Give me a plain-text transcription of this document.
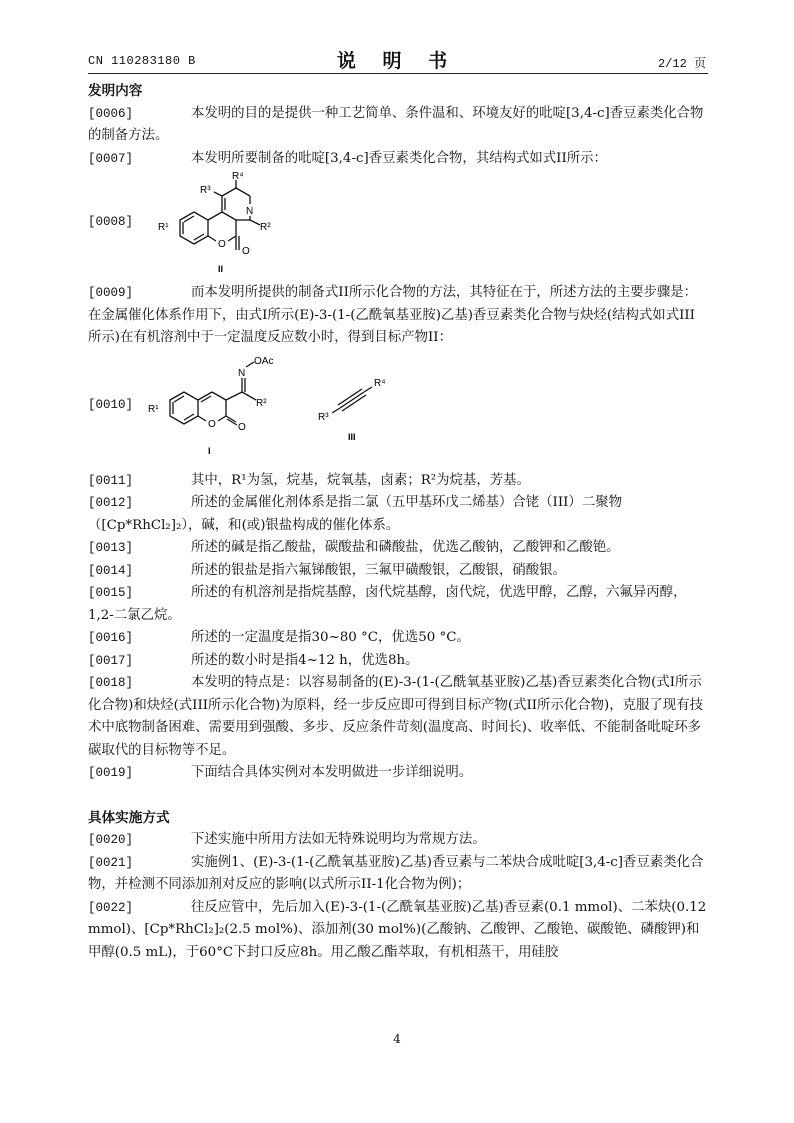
CN 110283180 B	说 明 书	2/12 页
发明内容
[0006]	本发明的目的是提供一种工艺简单、条件温和、环境友好的吡啶[3,4-c]香豆素类化合物的制备方法。
[0007]	本发明所要制备的吡啶[3,4-c]香豆素类化合物，其结构式如式II所示：
[0008]
R⁴
R³
N
R²
R¹
O
O
II
[0009]	而本发明所提供的制备式II所示化合物的方法，其特征在于，所述方法的主要步骤是：在金属催化体系作用下，由式I所示(E)-3-(1-(乙酰氧基亚胺)乙基)香豆素类化合物与炔烃(结构式如式III所示)在有机溶剂中于一定温度反应数小时，得到目标产物II：
[0010]
N
OAc
R²
R¹
O O
I
R³
R⁴
III
[0011]	其中，R¹为氢，烷基，烷氧基，卤素；R²为烷基，芳基。
[0012]	所述的金属催化剂体系是指二氯（五甲基环戊二烯基）合铑（III）二聚物（[Cp*RhCl₂]₂），碱，和(或)银盐构成的催化体系。
[0013]	所述的碱是指乙酸盐，碳酸盐和磷酸盐，优选乙酸钠，乙酸钾和乙酸铯。
[0014]	所述的银盐是指六氟锑酸银，三氟甲磺酸银，乙酸银，硝酸银。
[0015]	所述的有机溶剂是指烷基醇，卤代烷基醇，卤代烷，优选甲醇，乙醇，六氟异丙醇，1,2-二氯乙烷。
[0016]	所述的一定温度是指30~80 °C，优选50 °C。
[0017]	所述的数小时是指4~12 h，优选8h。
[0018]	本发明的特点是：以容易制备的(E)-3-(1-(乙酰氧基亚胺)乙基)香豆素类化合物(式I所示化合物)和炔烃(式III所示化合物)为原料，经一步反应即可得到目标产物(式II所示化合物)，克服了现有技术中底物制备困难、需要用到强酸、多步、反应条件苛刻(温度高、时间长)、收率低、不能制备吡啶环多碳取代的目标物等不足。
[0019]	下面结合具体实例对本发明做进一步详细说明。
具体实施方式
[0020]	下述实施中所用方法如无特殊说明均为常规方法。
[0021]	实施例1、(E)-3-(1-(乙酰氧基亚胺)乙基)香豆素与二苯炔合成吡啶[3,4-c]香豆素类化合物，并检测不同添加剂对反应的影响(以式所示II-1化合物为例)；
[0022]	往反应管中，先后加入(E)-3-(1-(乙酰氧基亚胺)乙基)香豆素(0.1 mmol)、二苯炔(0.12 mmol)、[Cp*RhCl₂]₂(2.5 mol%)、添加剂(30 mol%)(乙酸钠、乙酸钾、乙酸铯、碳酸铯、磷酸钾)和甲醇(0.5 mL)，于60°C下封口反应8h。用乙酸乙酯萃取，有机相蒸干，用硅胶
4
